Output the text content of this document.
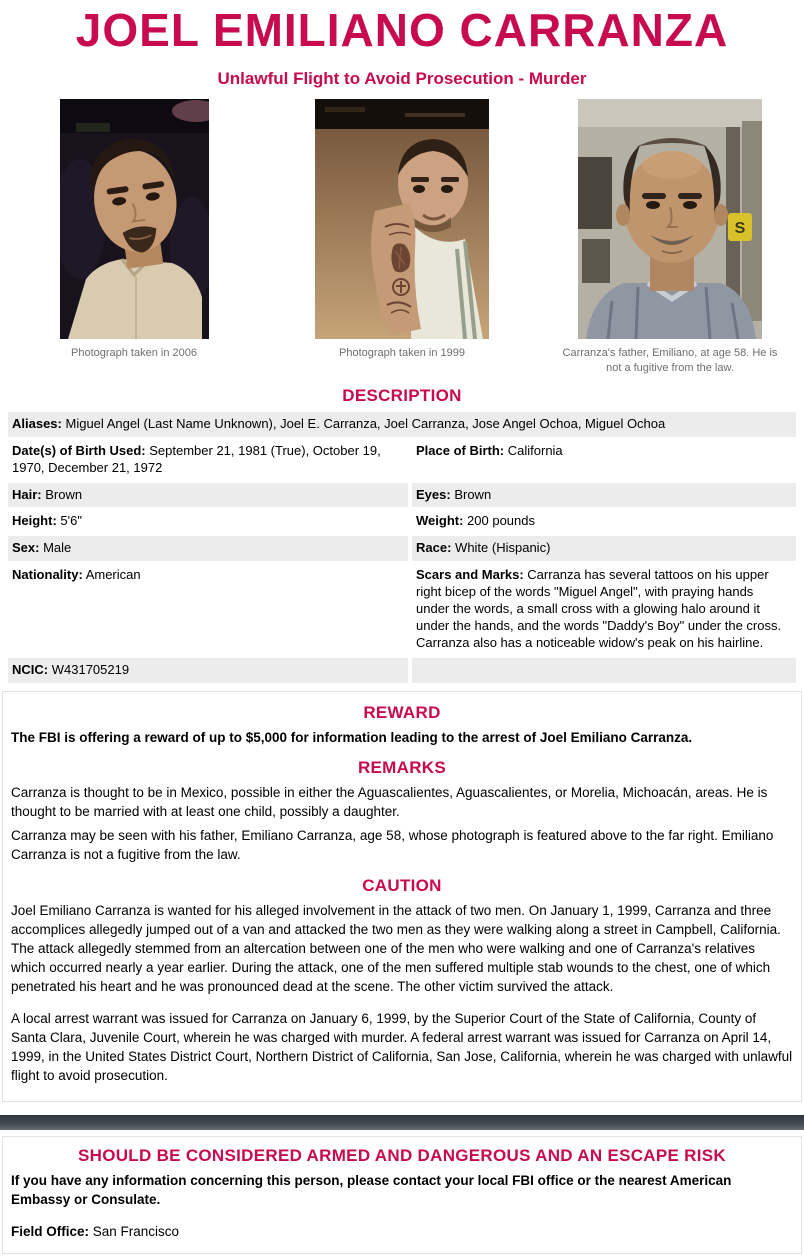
JOEL EMILIANO CARRANZA
Unlawful Flight to Avoid Prosecution - Murder
Photograph taken in 2006	Photograph taken in 1999
S
Carranza's father, Emiliano, at age 58. He is not a fugitive from the law.
DESCRIPTION
Aliases: Miguel Angel (Last Name Unknown), Joel E. Carranza, Joel Carranza, Jose Angel Ochoa, Miguel Ochoa
Date(s) of Birth Used: September 21, 1981 (True), October 19, 1970, December 21, 1972
Place of Birth: California
Hair: Brown	Eyes: Brown
Height: 5'6"	Weight: 200 pounds
Sex: Male	Race: White (Hispanic)
Nationality: American	Scars and Marks: Carranza has several tattoos on his upper right bicep of the words "Miguel Angel", with praying hands under the words, a small cross with a glowing halo around it under the hands, and the words "Daddy's Boy" under the cross. Carranza also has a noticeable widow's peak on his hairline.
NCIC: W431705219
REWARD

The FBI is offering a reward of up to $5,000 for information leading to the arrest of Joel Emiliano Carranza.

REMARKS

Carranza is thought to be in Mexico, possible in either the Aguascalientes, Aguascalientes, or Morelia, Michoacán, areas. He is thought to be married with at least one child, possibly a daughter.

Carranza may be seen with his father, Emiliano Carranza, age 58, whose photograph is featured above to the far right. Emiliano Carranza is not a fugitive from the law.

CAUTION

Joel Emiliano Carranza is wanted for his alleged involvement in the attack of two men. On January 1, 1999, Carranza and three accomplices allegedly jumped out of a van and attacked the two men as they were walking along a street in Campbell, California. The attack allegedly stemmed from an altercation between one of the men who were walking and one of Carranza's relatives which occurred nearly a year earlier. During the attack, one of the men suffered multiple stab wounds to the chest, one of which penetrated his heart and he was pronounced dead at the scene. The other victim survived the attack.

A local arrest warrant was issued for Carranza on January 6, 1999, by the Superior Court of the State of California, County of Santa Clara, Juvenile Court, wherein he was charged with murder. A federal arrest warrant was issued for Carranza on April 14, 1999, in the United States District Court, Northern District of California, San Jose, California, wherein he was charged with unlawful flight to avoid prosecution.

SHOULD BE CONSIDERED ARMED AND DANGEROUS AND AN ESCAPE RISK

If you have any information concerning this person, please contact your local FBI office or the nearest American Embassy or Consulate.

Field Office: San Francisco
